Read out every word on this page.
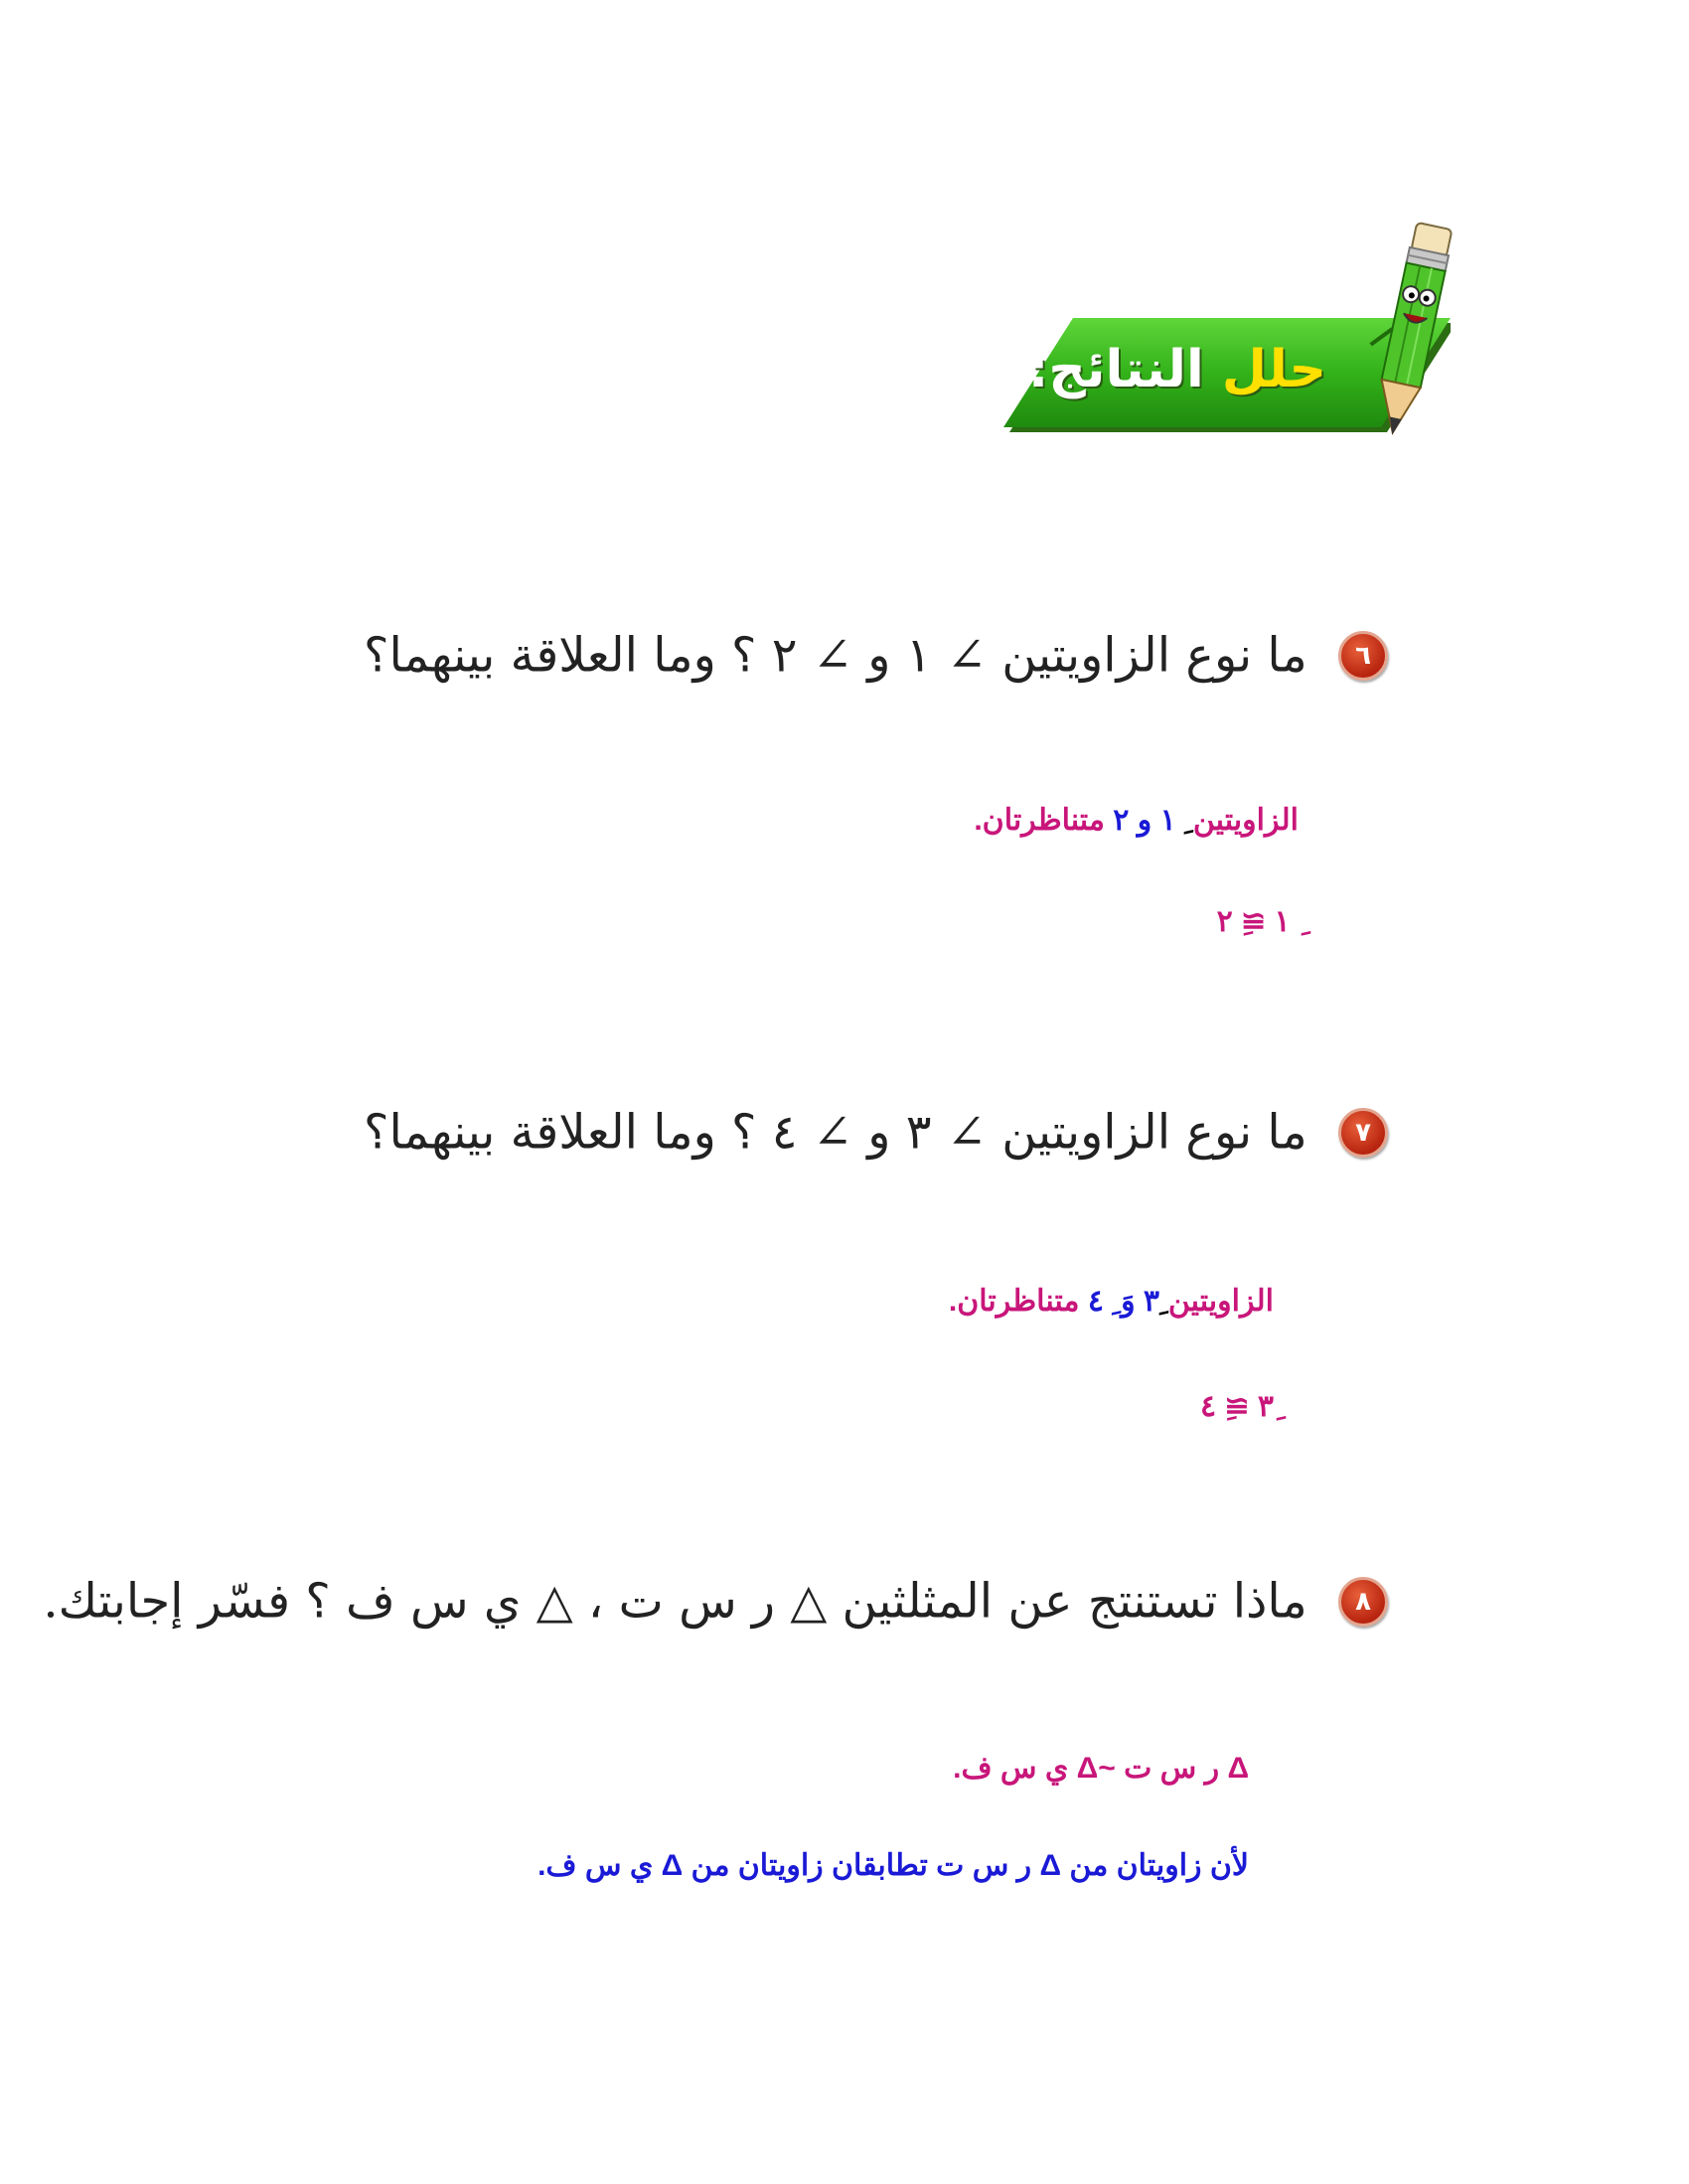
حلل النتائج:
٦ ما نوع الزاويتين ∠ ١ و ∠ ٢ ؟ وما العلاقة بينهما؟
الزاويتين ِ ١ و ٢ متناظرتان.
ِ ١ ≅ِ ٢
٧ ما نوع الزاويتين ∠ ٣ و ∠ ٤ ؟ وما العلاقة بينهما؟
الزاويتين ِ٣ وَ ِ ٤ متناظرتان.
ِ٣ ≅ِ ٤
٨ ماذا تستنتج عن المثلثين △ ر س ت ، △ ي س ف ؟ فسّر إجابتك.
Δ ر س ت ~Δ ي س ف.
لأن زاويتان من Δ ر س ت تطابقان زاويتان من Δ ي س ف.
